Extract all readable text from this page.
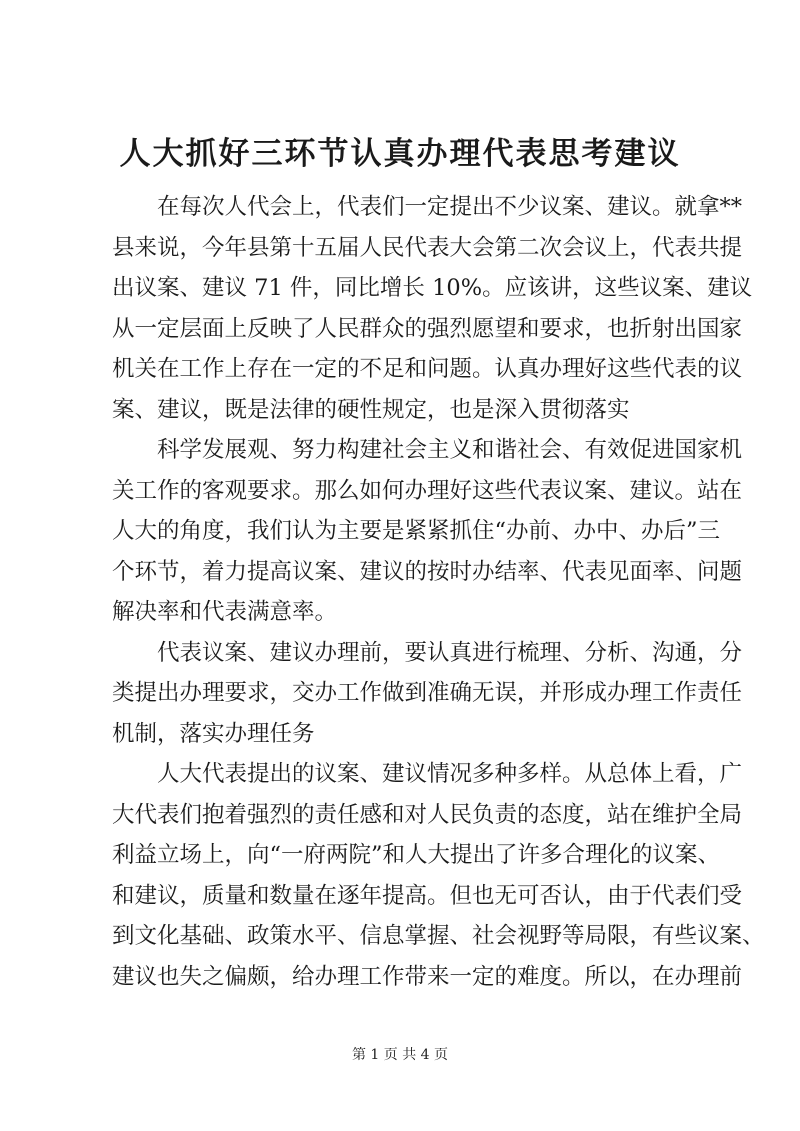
人大抓好三环节认真办理代表思考建议

在每次人代会上，代表们一定提出不少议案、建议。就拿**
县来说，今年县第十五届人民代表大会第二次会议上，代表共提
出议案、建议 71 件，同比增长 10%。应该讲，这些议案、建议
从一定层面上反映了人民群众的强烈愿望和要求，也折射出国家
机关在工作上存在一定的不足和问题。认真办理好这些代表的议
案、建议，既是法律的硬性规定，也是深入贯彻落实

科学发展观、努力构建社会主义和谐社会、有效促进国家机
关工作的客观要求。那么如何办理好这些代表议案、建议。站在
人大的角度，我们认为主要是紧紧抓住“办前、办中、办后”三
个环节，着力提高议案、建议的按时办结率、代表见面率、问题
解决率和代表满意率。

代表议案、建议办理前，要认真进行梳理、分析、沟通，分
类提出办理要求，交办工作做到准确无误，并形成办理工作责任
机制，落实办理任务

人大代表提出的议案、建议情况多种多样。从总体上看，广
大代表们抱着强烈的责任感和对人民负责的态度，站在维护全局
利益立场上，向“一府两院”和人大提出了许多合理化的议案、
和建议，质量和数量在逐年提高。但也无可否认，由于代表们受
到文化基础、政策水平、信息掌握、社会视野等局限，有些议案、
建议也失之偏颇，给办理工作带来一定的难度。所以，在办理前

第 1 页 共 4 页
